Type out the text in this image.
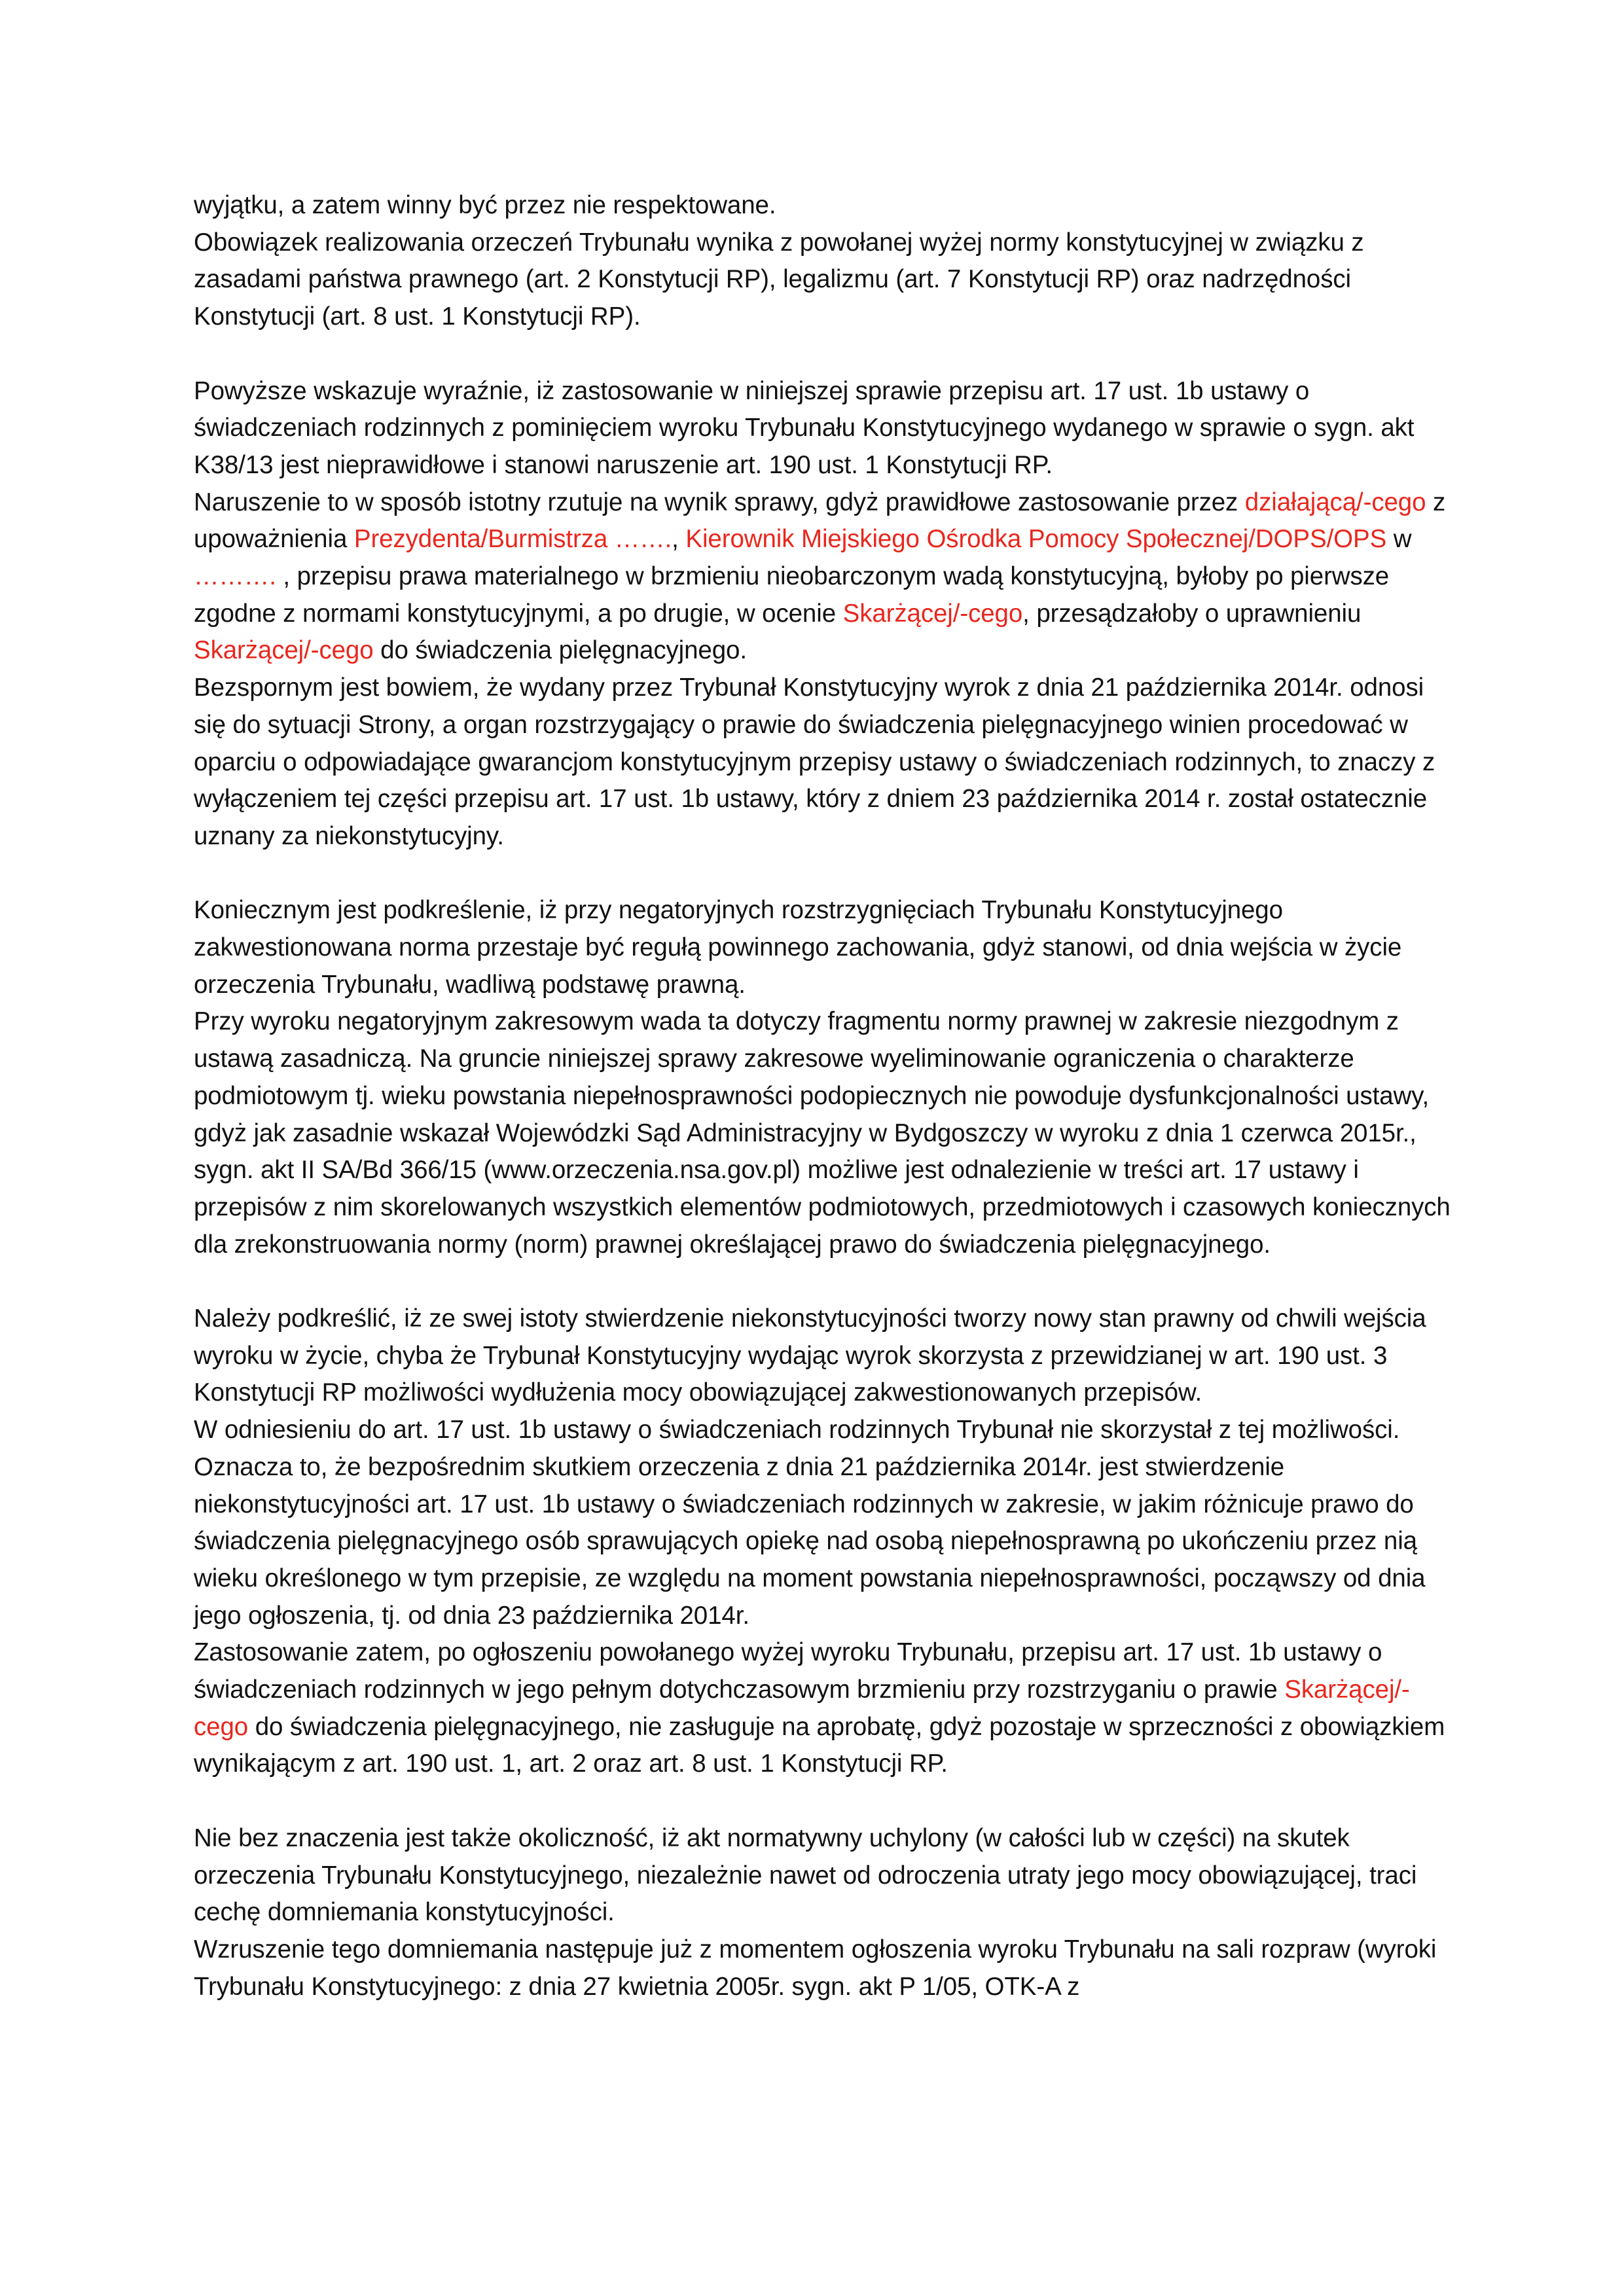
wyjątku, a zatem winny być przez nie respektowane.

Obowiązek realizowania orzeczeń Trybunału wynika z powołanej wyżej normy konstytucyjnej w związku z zasadami państwa prawnego (art. 2 Konstytucji RP), legalizmu (art. 7 Konstytucji RP) oraz nadrzędności Konstytucji (art. 8 ust. 1 Konstytucji RP).

Powyższe wskazuje wyraźnie, iż zastosowanie w niniejszej sprawie przepisu art. 17 ust. 1b ustawy o świadczeniach rodzinnych z pominięciem wyroku Trybunału Konstytucyjnego wydanego w sprawie o sygn. akt K38/13 jest nieprawidłowe i stanowi naruszenie art. 190 ust. 1 Konstytucji RP.

Naruszenie to w sposób istotny rzutuje na wynik sprawy, gdyż prawidłowe zastosowanie przez działającą/-cego z upoważnienia Prezydenta/Burmistrza ……., Kierownik Miejskiego Ośrodka Pomocy Społecznej/DOPS/OPS w ………. , przepisu prawa materialnego w brzmieniu nieobarczonym wadą konstytucyjną, byłoby po pierwsze zgodne z normami konstytucyjnymi, a po drugie, w ocenie Skarżącej/-cego, przesądzałoby o uprawnieniu Skarżącej/-cego do świadczenia pielęgnacyjnego.

Bezspornym jest bowiem, że wydany przez Trybunał Konstytucyjny wyrok z dnia 21 października 2014r. odnosi się do sytuacji Strony, a organ rozstrzygający o prawie do świadczenia pielęgnacyjnego winien procedować w oparciu o odpowiadające gwarancjom konstytucyjnym przepisy ustawy o świadczeniach rodzinnych, to znaczy z wyłączeniem tej części przepisu art. 17 ust. 1b ustawy, który z dniem 23 października 2014 r. został ostatecznie uznany za niekonstytucyjny.

Koniecznym jest podkreślenie, iż przy negatoryjnych rozstrzygnięciach Trybunału Konstytucyjnego zakwestionowana norma przestaje być regułą powinnego zachowania, gdyż stanowi, od dnia wejścia w życie orzeczenia Trybunału, wadliwą podstawę prawną.

Przy wyroku negatoryjnym zakresowym wada ta dotyczy fragmentu normy prawnej w zakresie niezgodnym z ustawą zasadniczą. Na gruncie niniejszej sprawy zakresowe wyeliminowanie ograniczenia o charakterze podmiotowym tj. wieku powstania niepełnosprawności podopiecznych nie powoduje dysfunkcjonalności ustawy, gdyż jak zasadnie wskazał Wojewódzki Sąd Administracyjny w Bydgoszczy w wyroku z dnia 1 czerwca 2015r., sygn. akt II SA/Bd 366/15 (www.orzeczenia.nsa.gov.pl) możliwe jest odnalezienie w treści art. 17 ustawy i przepisów z nim skorelowanych wszystkich elementów podmiotowych, przedmiotowych i czasowych koniecznych dla zrekonstruowania normy (norm) prawnej określającej prawo do świadczenia pielęgnacyjnego.

Należy podkreślić, iż ze swej istoty stwierdzenie niekonstytucyjności tworzy nowy stan prawny od chwili wejścia wyroku w życie, chyba że Trybunał Konstytucyjny wydając wyrok skorzysta z przewidzianej w art. 190 ust. 3 Konstytucji RP możliwości wydłużenia mocy obowiązującej zakwestionowanych przepisów.

W odniesieniu do art. 17 ust. 1b ustawy o świadczeniach rodzinnych Trybunał nie skorzystał z tej możliwości. Oznacza to, że bezpośrednim skutkiem orzeczenia z dnia 21 października 2014r. jest stwierdzenie niekonstytucyjności art. 17 ust. 1b ustawy o świadczeniach rodzinnych w zakresie, w jakim różnicuje prawo do świadczenia pielęgnacyjnego osób sprawujących opiekę nad osobą niepełnosprawną po ukończeniu przez nią wieku określonego w tym przepisie, ze względu na moment powstania niepełnosprawności, począwszy od dnia jego ogłoszenia, tj. od dnia 23 października 2014r.

Zastosowanie zatem, po ogłoszeniu powołanego wyżej wyroku Trybunału, przepisu art. 17 ust. 1b ustawy o świadczeniach rodzinnych w jego pełnym dotychczasowym brzmieniu przy rozstrzyganiu o prawie Skarżącej/-cego do świadczenia pielęgnacyjnego, nie zasługuje na aprobatę, gdyż pozostaje w sprzeczności z obowiązkiem wynikającym z art. 190 ust. 1, art. 2 oraz art. 8 ust. 1 Konstytucji RP.

Nie bez znaczenia jest także okoliczność, iż akt normatywny uchylony (w całości lub w części) na skutek orzeczenia Trybunału Konstytucyjnego, niezależnie nawet od odroczenia utraty jego mocy obowiązującej, traci cechę domniemania konstytucyjności.

Wzruszenie tego domniemania następuje już z momentem ogłoszenia wyroku Trybunału na sali rozpraw (wyroki Trybunału Konstytucyjnego: z dnia 27 kwietnia 2005r. sygn. akt P 1/05, OTK-A z
